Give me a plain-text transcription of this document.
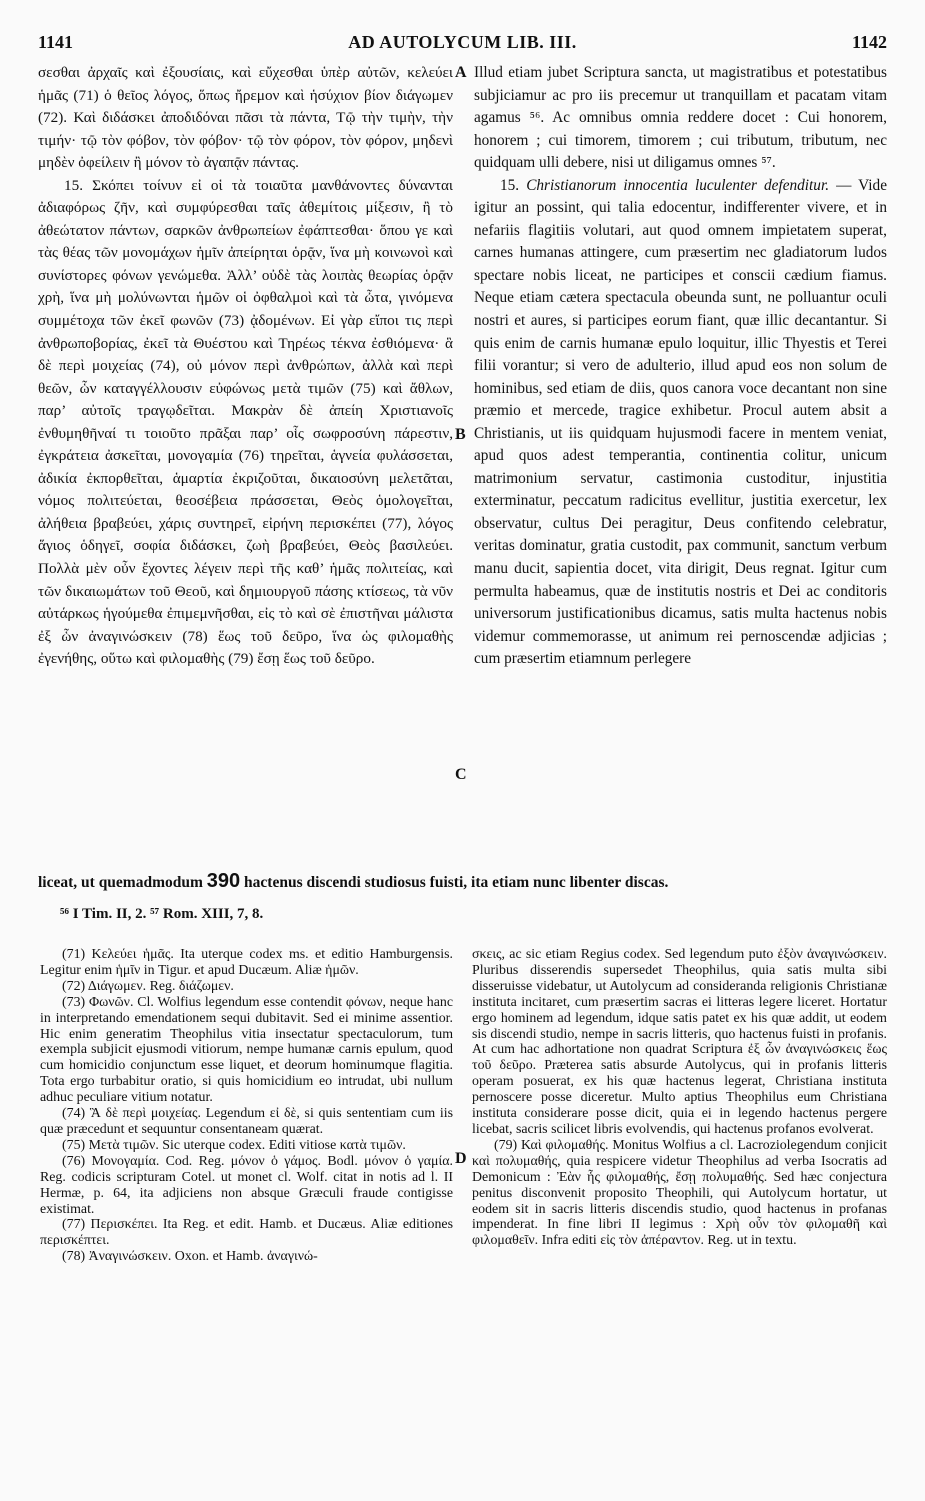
1141	AD AUTOLYCUM LIB. III.	1142

σεσθαι ἀρχαῖς καὶ ἐξουσίαις, καὶ εὔχεσθαι ὑπὲρ αὐτῶν, κελεύει ἡμᾶς (71) ὁ θεῖος λόγος, ὅπως ἤρεμον καὶ ἡσύχιον βίον διάγωμεν (72). Καὶ διδάσκει ἀποδιδόναι πᾶσι τὰ πάντα, Τῷ τὴν τιμὴν, τὴν τιμήν· τῷ τὸν φόβον, τὸν φόβον· τῷ τὸν φόρον, τὸν φόρον, μηδενὶ μηδὲν ὀφείλειν ἢ μόνον τὸ ἀγαπᾷν πάντας.

15. Σκόπει τοίνυν εἰ οἱ τὰ τοιαῦτα μανθάνοντες δύνανται ἀδιαφόρως ζῆν, καὶ συμφύρεσθαι ταῖς ἀθεμίτοις μίξεσιν, ἢ τὸ ἀθεώτατον πάντων, σαρκῶν ἀνθρωπείων ἐφάπτεσθαι· ὅπου γε καὶ τὰς θέας τῶν μονομάχων ἡμῖν ἀπείρηται ὁρᾷν, ἵνα μὴ κοινωνοὶ καὶ συνίστορες φόνων γενώμεθα. Ἀλλ’ οὐδὲ τὰς λοιπὰς θεωρίας ὁρᾷν χρὴ, ἵνα μὴ μολύνωνται ἡμῶν οἱ ὀφθαλμοὶ καὶ τὰ ὦτα, γινόμενα συμμέτοχα τῶν ἐκεῖ φωνῶν (73) ᾀδομένων. Εἰ γὰρ εἴποι τις περὶ ἀνθρωποβορίας, ἐκεῖ τὰ Θυέστου καὶ Τηρέως τέκνα ἐσθιόμενα· ἃ δὲ περὶ μοιχείας (74), οὐ μόνον περὶ ἀνθρώπων, ἀλλὰ καὶ περὶ θεῶν, ὧν καταγγέλλουσιν εὐφώνως μετὰ τιμῶν (75) καὶ ἄθλων, παρ’ αὐτοῖς τραγῳδεῖται. Μακρὰν δὲ ἀπείη Χριστιανοῖς ἐνθυμηθῆναί τι τοιοῦτο πρᾶξαι παρ’ οἷς σωφροσύνη πάρεστιν, ἐγκράτεια ἀσκεῖται, μονογαμία (76) τηρεῖται, ἁγνεία φυλάσσεται, ἀδικία ἐκπορθεῖται, ἁμαρτία ἐκριζοῦται, δικαιοσύνη μελετᾶται, νόμος πολιτεύεται, θεοσέβεια πράσσεται, Θεὸς ὁμολογεῖται, ἀλήθεια βραβεύει, χάρις συντηρεῖ, εἰρήνη περισκέπει (77), λόγος ἅγιος ὁδηγεῖ, σοφία διδάσκει, ζωὴ βραβεύει, Θεὸς βασιλεύει. Πολλὰ μὲν οὖν ἔχοντες λέγειν περὶ τῆς καθ’ ἡμᾶς πολιτείας, καὶ τῶν δικαιωμάτων τοῦ Θεοῦ, καὶ δημιουργοῦ πάσης κτίσεως, τὰ νῦν αὐτάρκως ἡγούμεθα ἐπιμεμνῆσθαι, εἰς τὸ καὶ σὲ ἐπιστῆναι μάλιστα ἐξ ὧν ἀναγινώσκειν (78) ἕως τοῦ δεῦρο, ἵνα ὡς φιλομαθὴς ἐγενήθης, οὕτω καὶ φιλομαθὴς (79) ἔσῃ ἕως τοῦ δεῦρο.

A
B
C
D

Illud etiam jubet Scriptura sancta, ut magistratibus et potestatibus subjiciamur ac pro iis precemur ut tranquillam et pacatam vitam agamus ⁵⁶. Ac omnibus omnia reddere docet : Cui honorem, honorem ; cui timorem, timorem ; cui tributum, tributum, nec quidquam ulli debere, nisi ut diligamus omnes ⁵⁷.

15. Christianorum innocentia luculenter defenditur. — Vide igitur an possint, qui talia edocentur, indifferenter vivere, et in nefariis flagitiis volutari, aut quod omnem impietatem superat, carnes humanas attingere, cum præsertim nec gladiatorum ludos spectare nobis liceat, ne participes et conscii cædium fiamus. Neque etiam cætera spectacula obeunda sunt, ne polluantur oculi nostri et aures, si participes eorum fiant, quæ illic decantantur. Si quis enim de carnis humanæ epulo loquitur, illic Thyestis et Terei filii vorantur; si vero de adulterio, illud apud eos non solum de hominibus, sed etiam de diis, quos canora voce decantant non sine præmio et mercede, tragice exhibetur. Procul autem absit a Christianis, ut iis quidquam hujusmodi facere in mentem veniat, apud quos adest temperantia, continentia colitur, unicum matrimonium servatur, castimonia custoditur, injustitia exterminatur, peccatum radicitus evellitur, justitia exercetur, lex observatur, cultus Dei peragitur, Deus confitendo celebratur, veritas dominatur, gratia custodit, pax communit, sanctum verbum manu ducit, sapientia docet, vita dirigit, Deus regnat. Igitur cum permulta habeamus, quæ de institutis nostris et Dei ac conditoris universorum justificationibus dicamus, satis multa hactenus nobis videmur commemorasse, ut animum rei pernoscendæ adjicias ; cum præsertim etiamnum perlegere

liceat, ut quemadmodum 390 hactenus discendi studiosus fuisti, ita etiam nunc libenter discas.
⁵⁶ I Tim. II, 2. ⁵⁷ Rom. XIII, 7, 8.

(71) Κελεύει ἡμᾶς. Ita uterque codex ms. et editio Hamburgensis. Legitur enim ἡμῖν in Tigur. et apud Ducæum. Aliæ ἡμῶν.

(72) Διάγωμεν. Reg. διάζωμεν.

(73) Φωνῶν. Cl. Wolfius legendum esse contendit φόνων, neque hanc in interpretando emendationem sequi dubitavit. Sed ei minime assentior. Hic enim generatim Theophilus vitia insectatur spectaculorum, tum exempla subjicit ejusmodi vitiorum, nempe humanæ carnis epulum, quod cum homicidio conjunctum esse liquet, et deorum hominumque flagitia. Tota ergo turbabitur oratio, si quis homicidium eo intrudat, ubi nullum adhuc peculiare vitium notatur.

(74) Ἃ δὲ περὶ μοιχείας. Legendum εἰ δὲ, si quis sententiam cum iis quæ præcedunt et sequuntur consentaneam quærat.

(75) Μετὰ τιμῶν. Sic uterque codex. Editi vitiose κατὰ τιμῶν.

(76) Μονογαμία. Cod. Reg. μόνον ὁ γάμος. Bodl. μόνον ὁ γαμία. Reg. codicis scripturam Cotel. ut monet cl. Wolf. citat in notis ad l. II Hermæ, p. 64, ita adjiciens non absque Græculi fraude contigisse existimat.

(77) Περισκέπει. Ita Reg. et edit. Hamb. et Ducæus. Aliæ editiones περισκέπτει.

(78) Ἀναγινώσκειν. Oxon. et Hamb. ἀναγινώ-

σκεις, ac sic etiam Regius codex. Sed legendum puto ἐξὸν ἀναγινώσκειν. Pluribus disserendis supersedet Theophilus, quia satis multa sibi disseruisse videbatur, ut Autolycum ad consideranda religionis Christianæ instituta incitaret, cum præsertim sacras ei litteras legere liceret. Hortatur ergo hominem ad legendum, idque satis patet ex his quæ addit, ut eodem sis discendi studio, nempe in sacris litteris, quo hactenus fuisti in profanis. At cum hac adhortatione non quadrat Scriptura ἐξ ὧν ἀναγινώσκεις ἕως τοῦ δεῦρο. Præterea satis absurde Autolycus, qui in profanis litteris operam posuerat, ex his quæ hactenus legerat, Christiana instituta pernoscere posse diceretur. Multo aptius Theophilus eum Christiana instituta considerare posse dicit, quia ei in legendo hactenus pergere licebat, sacris scilicet libris evolvendis, qui hactenus profanos evolverat.

(79) Καὶ φιλομαθής. Monitus Wolfius a cl. Lacroziolegendum conjicit καὶ πολυμαθής, quia respicere videtur Theophilus ad verba Isocratis ad Demonicum : Ἐὰν ἧς φιλομαθής, ἔσῃ πολυμαθής. Sed hæc conjectura penitus disconvenit proposito Theophili, qui Autolycum hortatur, ut eodem sit in sacris litteris discendis studio, quod hactenus in profanas impenderat. In fine libri II legimus : Χρὴ οὖν τὸν φιλομαθῆ καὶ φιλομαθεῖν. Infra editi εἰς τὸν ἀπέραντον. Reg. ut in textu.
